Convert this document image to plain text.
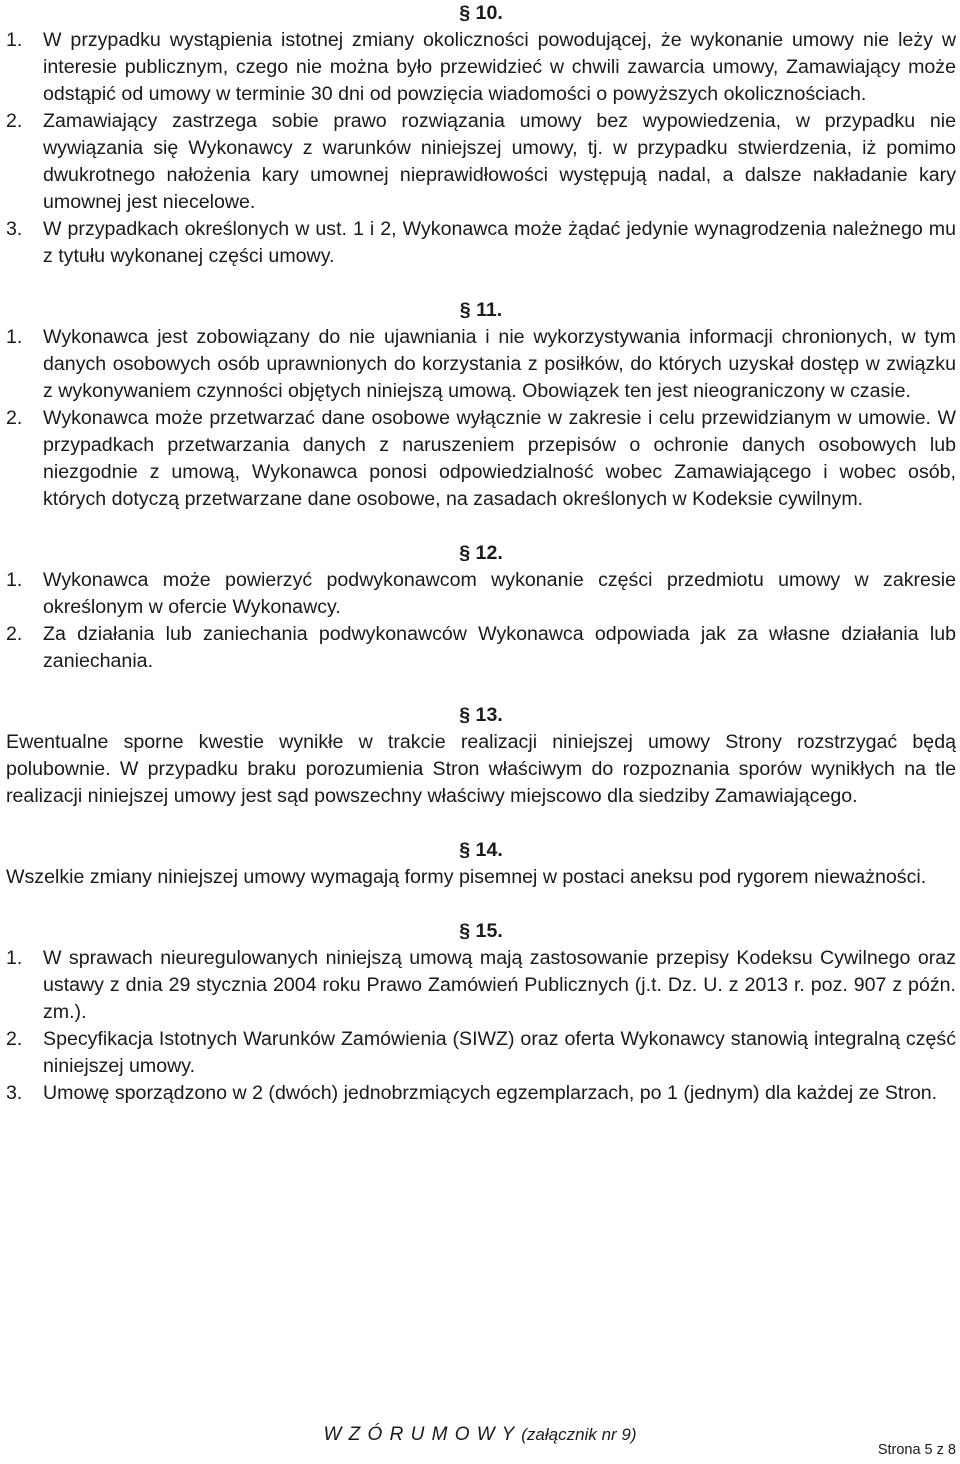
§ 10.
1.	W przypadku wystąpienia istotnej zmiany okoliczności powodującej, że wykonanie umowy nie leży w interesie publicznym, czego nie można było przewidzieć w chwili zawarcia umowy, Zamawiający może odstąpić od umowy w terminie 30 dni od powzięcia wiadomości o powyższych okolicznościach.
2.	Zamawiający zastrzega sobie prawo rozwiązania umowy bez wypowiedzenia, w przypadku nie wywiązania się Wykonawcy z warunków niniejszej umowy, tj. w przypadku stwierdzenia, iż pomimo dwukrotnego nałożenia kary umownej nieprawidłowości występują nadal, a dalsze nakładanie kary umownej jest niecelowe.
3.	W przypadkach określonych w ust. 1 i 2, Wykonawca może żądać jedynie wynagrodzenia należnego mu z tytułu wykonanej części umowy.
§ 11.
1.	Wykonawca jest zobowiązany do nie ujawniania i nie wykorzystywania informacji chronionych, w tym danych osobowych osób uprawnionych do korzystania z posiłków, do których uzyskał dostęp w związku z wykonywaniem czynności objętych niniejszą umową. Obowiązek ten jest nieograniczony w czasie.
2.	Wykonawca może przetwarzać dane osobowe wyłącznie w zakresie i celu przewidzianym w umowie. W przypadkach przetwarzania danych z naruszeniem przepisów o ochronie danych osobowych lub niezgodnie z umową, Wykonawca ponosi odpowiedzialność wobec Zamawiającego i wobec osób, których dotyczą przetwarzane dane osobowe, na zasadach określonych w Kodeksie cywilnym.
§ 12.
1.	Wykonawca może powierzyć podwykonawcom wykonanie części przedmiotu umowy w zakresie określonym w ofercie Wykonawcy.
2.	Za działania lub zaniechania podwykonawców Wykonawca odpowiada jak za własne działania lub zaniechania.
§ 13.
Ewentualne sporne kwestie wynikłe w trakcie realizacji niniejszej umowy Strony rozstrzygać będą polubownie. W przypadku braku porozumienia Stron właściwym do rozpoznania sporów wynikłych na tle realizacji niniejszej umowy jest sąd powszechny właściwy miejscowo dla siedziby Zamawiającego.
§ 14.
Wszelkie zmiany niniejszej umowy wymagają formy pisemnej w postaci aneksu pod rygorem nieważności.
§ 15.
1.	W sprawach nieuregulowanych niniejszą umową mają zastosowanie przepisy Kodeksu Cywilnego oraz ustawy z dnia 29 stycznia 2004 roku Prawo Zamówień Publicznych (j.t. Dz. U. z 2013 r. poz. 907 z późn. zm.).
2.	Specyfikacja Istotnych Warunków Zamówienia (SIWZ) oraz oferta Wykonawcy stanowią integralną część niniejszej umowy.
3.	Umowę sporządzono w 2 (dwóch) jednobrzmiących egzemplarzach, po 1 (jednym) dla każdej ze Stron.
W Z Ó R U M O W Y (załącznik nr 9)
Strona 5 z 8
